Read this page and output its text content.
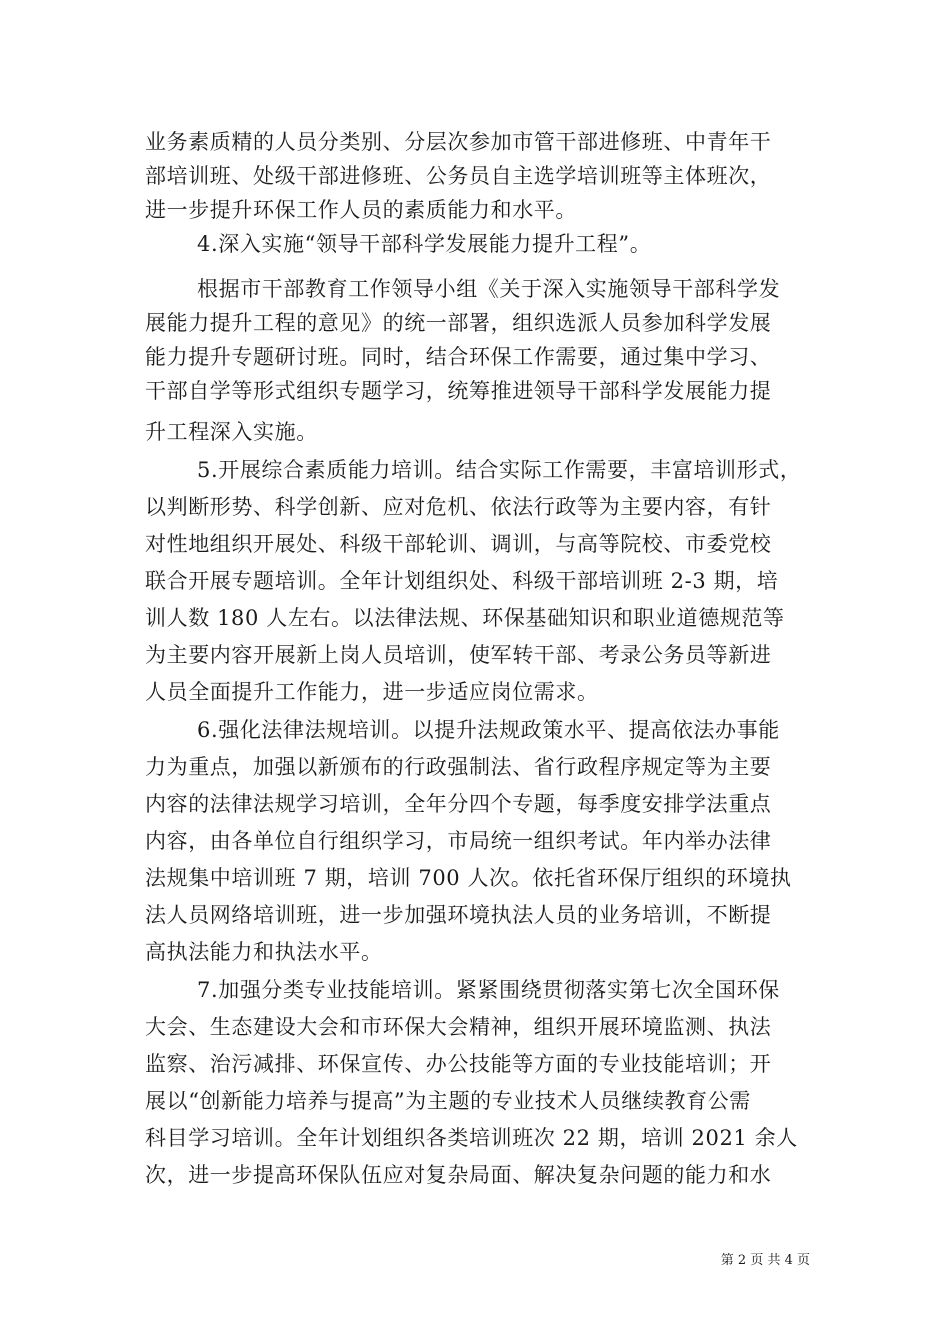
业务素质精的人员分类别、分层次参加市管干部进修班、中青年干
部培训班、处级干部进修班、公务员自主选学培训班等主体班次，
进一步提升环保工作人员的素质能力和水平。
4.深入实施“领导干部科学发展能力提升工程”。
根据市干部教育工作领导小组《关于深入实施领导干部科学发
展能力提升工程的意见》的统一部署，组织选派人员参加科学发展
能力提升专题研讨班。同时，结合环保工作需要，通过集中学习、
干部自学等形式组织专题学习，统筹推进领导干部科学发展能力提
升工程深入实施。
5.开展综合素质能力培训。结合实际工作需要，丰富培训形式，
以判断形势、科学创新、应对危机、依法行政等为主要内容，有针
对性地组织开展处、科级干部轮训、调训，与高等院校、市委党校
联合开展专题培训。全年计划组织处、科级干部培训班 2-3 期，培
训人数 180 人左右。以法律法规、环保基础知识和职业道德规范等
为主要内容开展新上岗人员培训，使军转干部、考录公务员等新进
人员全面提升工作能力，进一步适应岗位需求。
6.强化法律法规培训。以提升法规政策水平、提高依法办事能
力为重点，加强以新颁布的行政强制法、省行政程序规定等为主要
内容的法律法规学习培训，全年分四个专题，每季度安排学法重点
内容，由各单位自行组织学习，市局统一组织考试。年内举办法律
法规集中培训班 7 期，培训 700 人次。依托省环保厅组织的环境执
法人员网络培训班，进一步加强环境执法人员的业务培训，不断提
高执法能力和执法水平。
7.加强分类专业技能培训。紧紧围绕贯彻落实第七次全国环保
大会、生态建设大会和市环保大会精神，组织开展环境监测、执法
监察、治污减排、环保宣传、办公技能等方面的专业技能培训；开
展以“创新能力培养与提高”为主题的专业技术人员继续教育公需
科目学习培训。全年计划组织各类培训班次 22 期，培训 2021 余人
次，进一步提高环保队伍应对复杂局面、解决复杂问题的能力和水
第 2 页 共 4 页
